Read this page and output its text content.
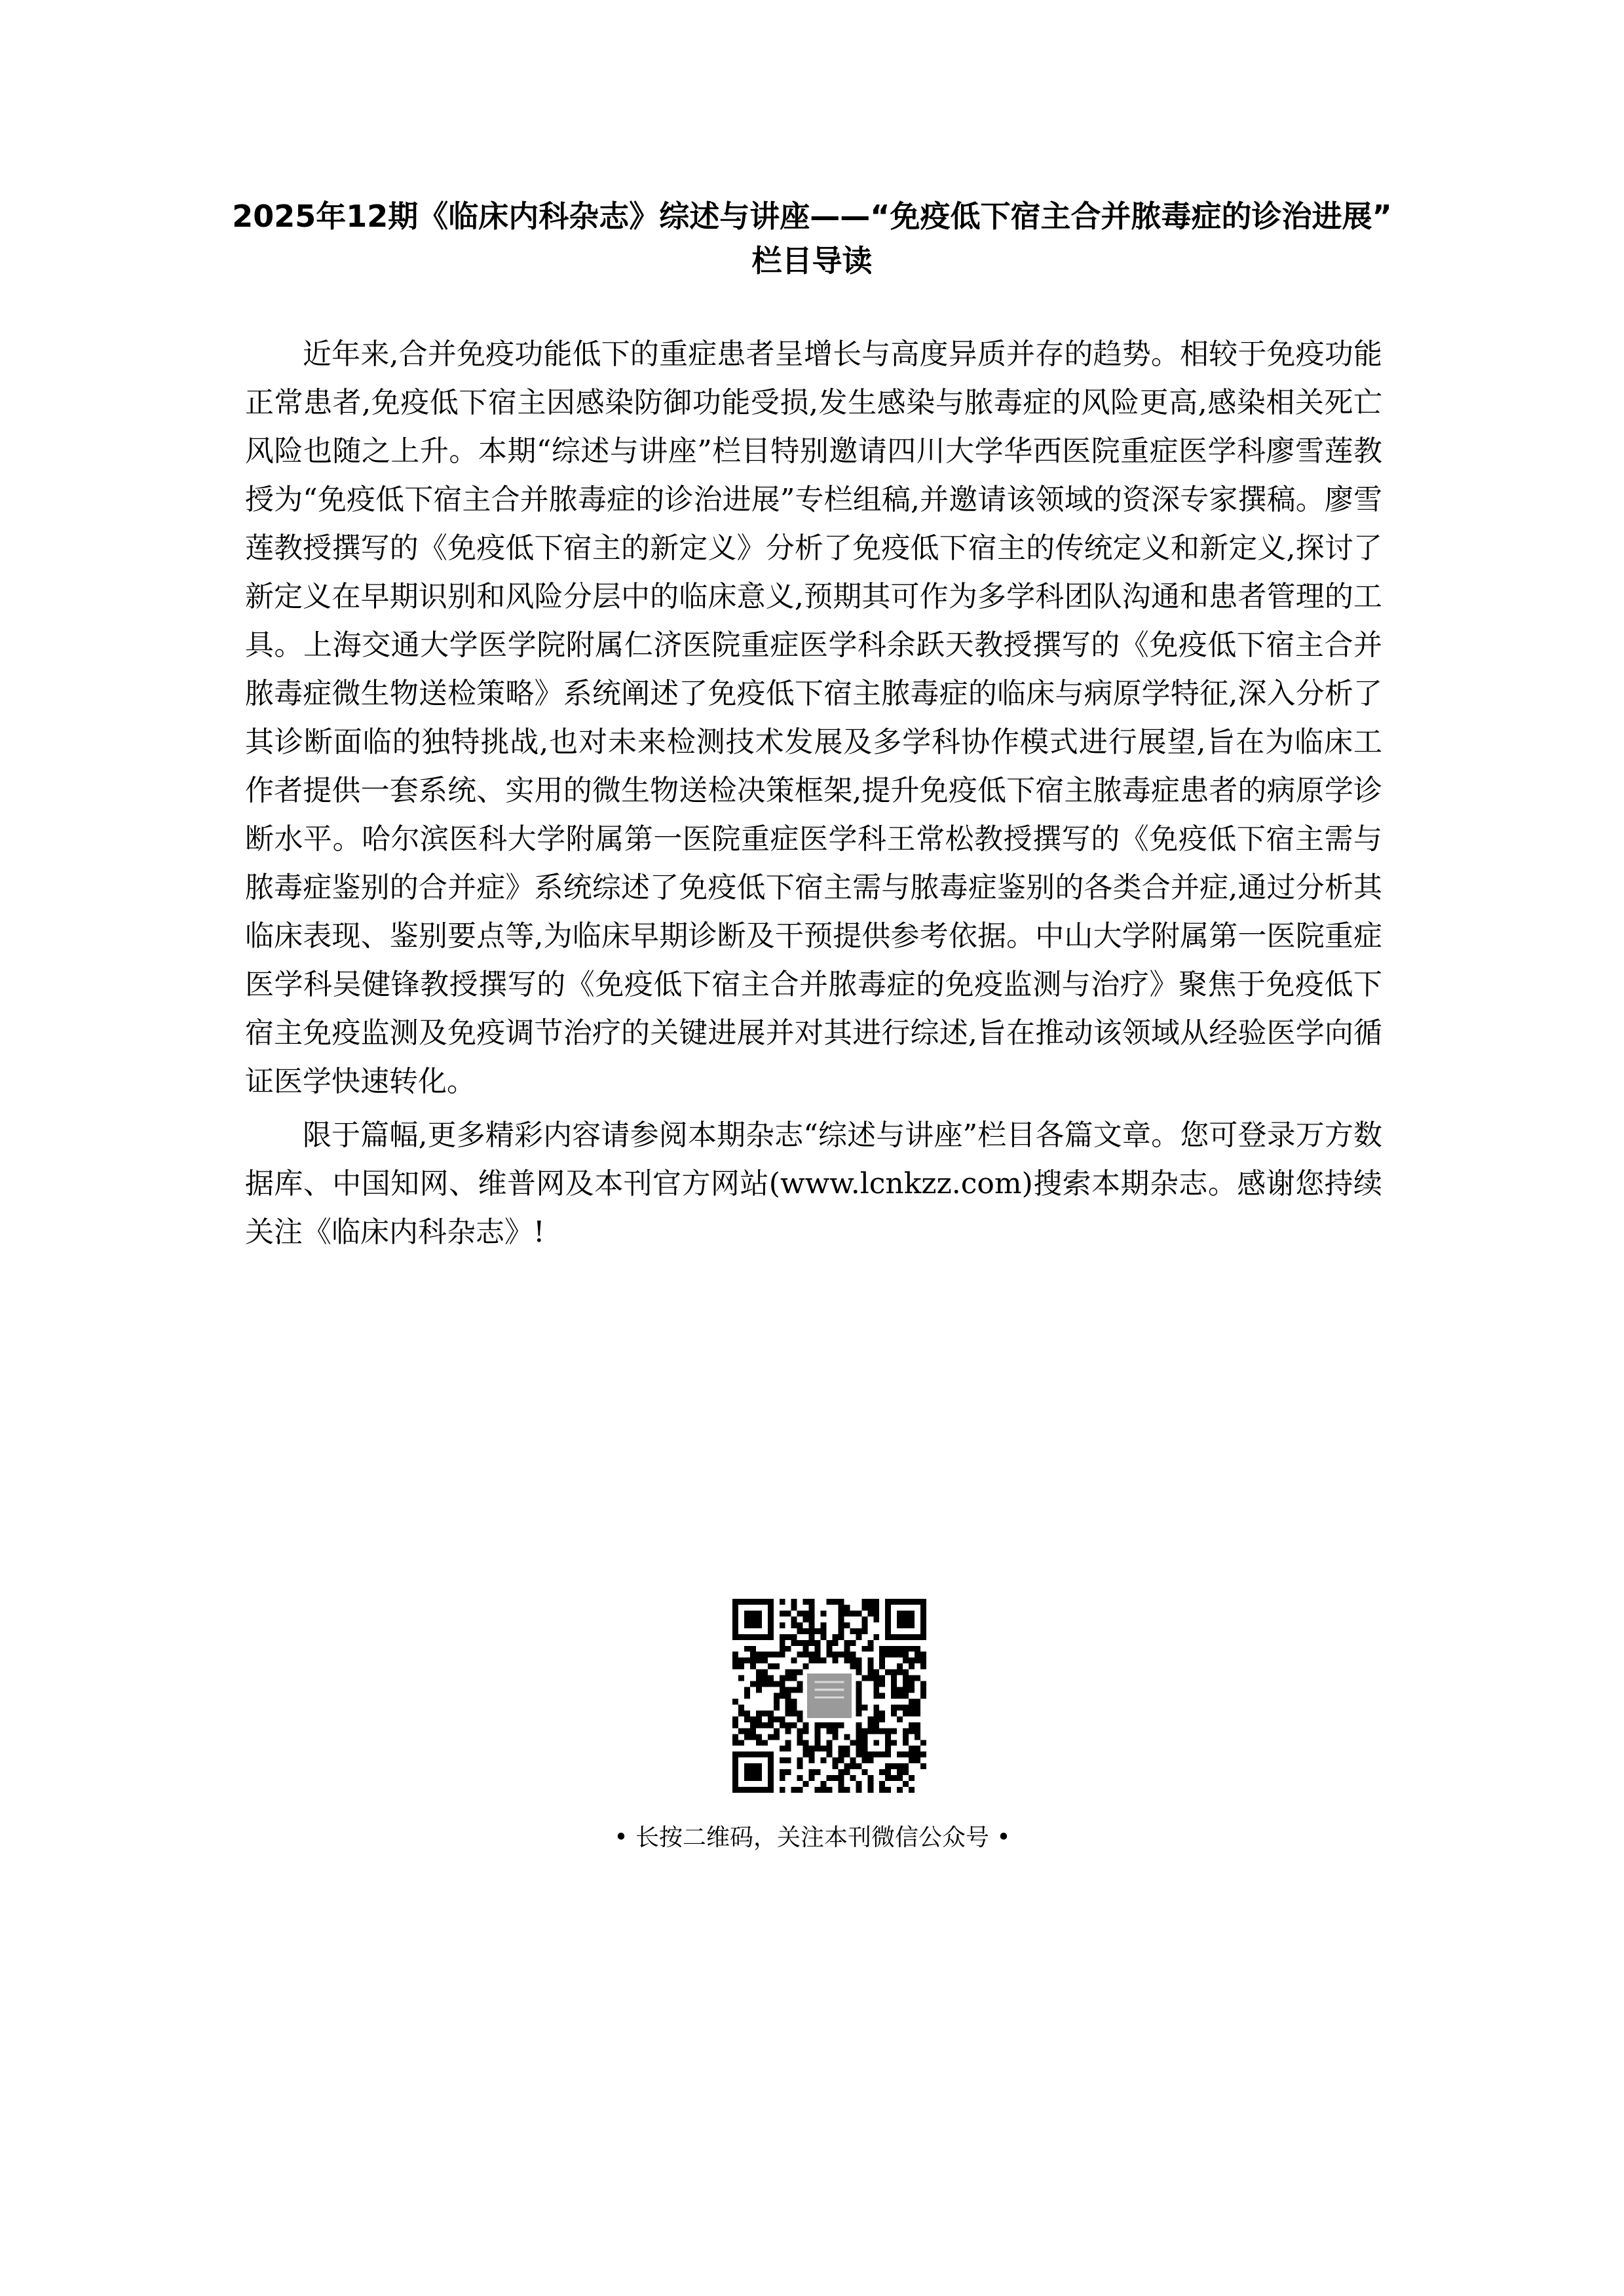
2025年12期《临床内科杂志》综述与讲座——“免疫低下宿主合并脓毒症的诊治进展”
栏目导读

近年来,合并免疫功能低下的重症患者呈增长与高度异质并存的趋势。相较于免疫功能正常患者,免疫低下宿主因感染防御功能受损,发生感染与脓毒症的风险更高,感染相关死亡风险也随之上升。本期“综述与讲座”栏目特别邀请四川大学华西医院重症医学科廖雪莲教授为“免疫低下宿主合并脓毒症的诊治进展”专栏组稿,并邀请该领域的资深专家撰稿。廖雪莲教授撰写的《免疫低下宿主的新定义》分析了免疫低下宿主的传统定义和新定义,探讨了新定义在早期识别和风险分层中的临床意义,预期其可作为多学科团队沟通和患者管理的工具。上海交通大学医学院附属仁济医院重症医学科余跃天教授撰写的《免疫低下宿主合并脓毒症微生物送检策略》系统阐述了免疫低下宿主脓毒症的临床与病原学特征,深入分析了其诊断面临的独特挑战,也对未来检测技术发展及多学科协作模式进行展望,旨在为临床工作者提供一套系统、实用的微生物送检决策框架,提升免疫低下宿主脓毒症患者的病原学诊断水平。哈尔滨医科大学附属第一医院重症医学科王常松教授撰写的《免疫低下宿主需与脓毒症鉴别的合并症》系统综述了免疫低下宿主需与脓毒症鉴别的各类合并症,通过分析其临床表现、鉴别要点等,为临床早期诊断及干预提供参考依据。中山大学附属第一医院重症医学科吴健锋教授撰写的《免疫低下宿主合并脓毒症的免疫监测与治疗》聚焦于免疫低下宿主免疫监测及免疫调节治疗的关键进展并对其进行综述,旨在推动该领域从经验医学向循证医学快速转化。

限于篇幅,更多精彩内容请参阅本期杂志“综述与讲座”栏目各篇文章。您可登录万方数据库、中国知网、维普网及本刊官方网站(www.lcnkzz.com)搜索本期杂志。感谢您持续关注《临床内科杂志》!

• 长按二维码，关注本刊微信公众号 •
